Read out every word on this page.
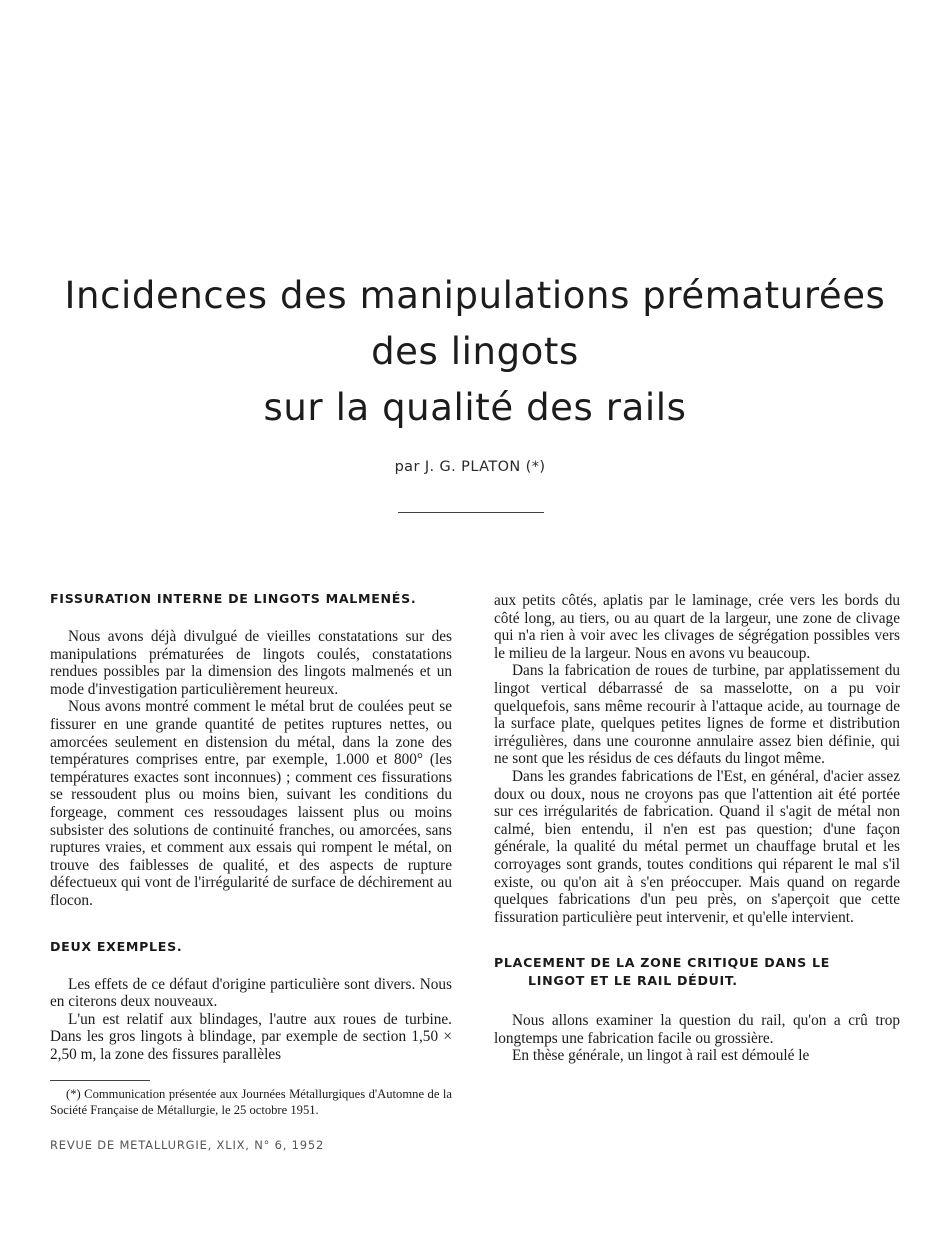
Incidences des manipulations prématurées
des lingots
sur la qualité des rails
par J. G. PLATON (*)
FISSURATION INTERNE DE LINGOTS MALMENÉS.

Nous avons déjà divulgué de vieilles constatations sur des manipulations prématurées de lingots coulés, constatations rendues possibles par la dimension des lingots malmenés et un mode d'investigation particulièrement heureux.

Nous avons montré comment le métal brut de coulées peut se fissurer en une grande quantité de petites ruptures nettes, ou amorcées seulement en distension du métal, dans la zone des températures comprises entre, par exemple, 1.000 et 800° (les températures exactes sont inconnues) ; comment ces fissurations se ressoudent plus ou moins bien, suivant les conditions du forgeage, comment ces ressoudages laissent plus ou moins subsister des solutions de continuité franches, ou amorcées, sans ruptures vraies, et comment aux essais qui rompent le métal, on trouve des faiblesses de qualité, et des aspects de rupture défectueux qui vont de l'irrégularité de surface de déchirement au flocon.

DEUX EXEMPLES.

Les effets de ce défaut d'origine particulière sont divers. Nous en citerons deux nouveaux.

L'un est relatif aux blindages, l'autre aux roues de turbine. Dans les gros lingots à blindage, par exemple de section 1,50 × 2,50 m, la zone des fissures parallèles

aux petits côtés, aplatis par le laminage, crée vers les bords du côté long, au tiers, ou au quart de la largeur, une zone de clivage qui n'a rien à voir avec les clivages de ségrégation possibles vers le milieu de la largeur. Nous en avons vu beaucoup.

Dans la fabrication de roues de turbine, par applatissement du lingot vertical débarrassé de sa masselotte, on a pu voir quelquefois, sans même recourir à l'attaque acide, au tournage de la surface plate, quelques petites lignes de forme et distribution irrégulières, dans une couronne annulaire assez bien définie, qui ne sont que les résidus de ces défauts du lingot même.

Dans les grandes fabrications de l'Est, en général, d'acier assez doux ou doux, nous ne croyons pas que l'attention ait été portée sur ces irrégularités de fabrication. Quand il s'agit de métal non calmé, bien entendu, il n'en est pas question; d'une façon générale, la qualité du métal permet un chauffage brutal et les corroyages sont grands, toutes conditions qui réparent le mal s'il existe, ou qu'on ait à s'en préoccuper. Mais quand on regarde quelques fabrications d'un peu près, on s'aperçoit que cette fissuration particulière peut intervenir, et qu'elle intervient.

PLACEMENT DE LA ZONE CRITIQUE DANS LE
LINGOT ET LE RAIL DÉDUIT.

Nous allons examiner la question du rail, qu'on a crû trop longtemps une fabrication facile ou grossière.

En thèse générale, un lingot à rail est démoulé le

(*) Communication présentée aux Journées Métallurgiques d'Automne de la Société Française de Métallurgie, le 25 octobre 1951.

REVUE DE METALLURGIE, XLIX, N° 6, 1952
